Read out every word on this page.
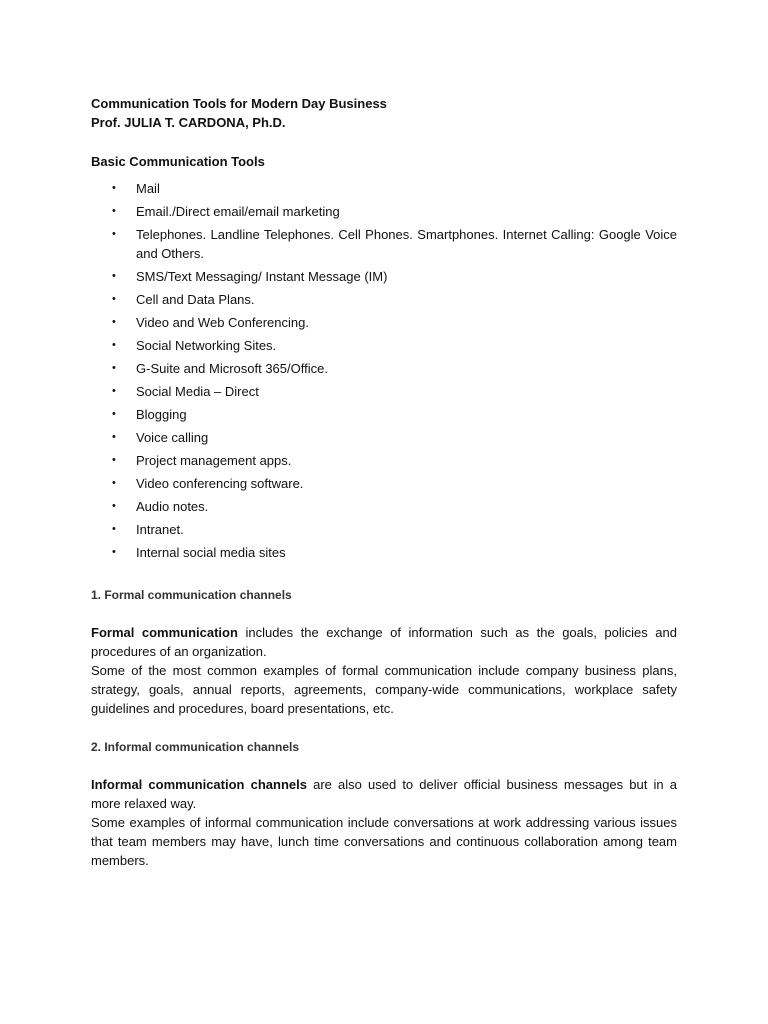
Communication Tools for Modern Day Business

Prof. JULIA T. CARDONA, Ph.D.

Basic Communication Tools

• Mail
• Email./Direct email/email marketing
• Telephones. Landline Telephones. Cell Phones. Smartphones. Internet Calling: Google Voice and Others.
• SMS/Text Messaging/ Instant Message (IM)
• Cell and Data Plans.
• Video and Web Conferencing.
• Social Networking Sites.
• G-Suite and Microsoft 365/Office.
• Social Media – Direct
• Blogging
• Voice calling
• Project management apps.
• Video conferencing software.
• Audio notes.
• Intranet.
• Internal social media sites

1. Formal communication channels

Formal communication includes the exchange of information such as the goals, policies and procedures of an organization.

Some of the most common examples of formal communication include company business plans, strategy, goals, annual reports, agreements, company-wide communications, workplace safety guidelines and procedures, board presentations, etc.

2. Informal communication channels

Informal communication channels are also used to deliver official business messages but in a more relaxed way.

Some examples of informal communication include conversations at work addressing various issues that team members may have, lunch time conversations and continuous collaboration among team members.
